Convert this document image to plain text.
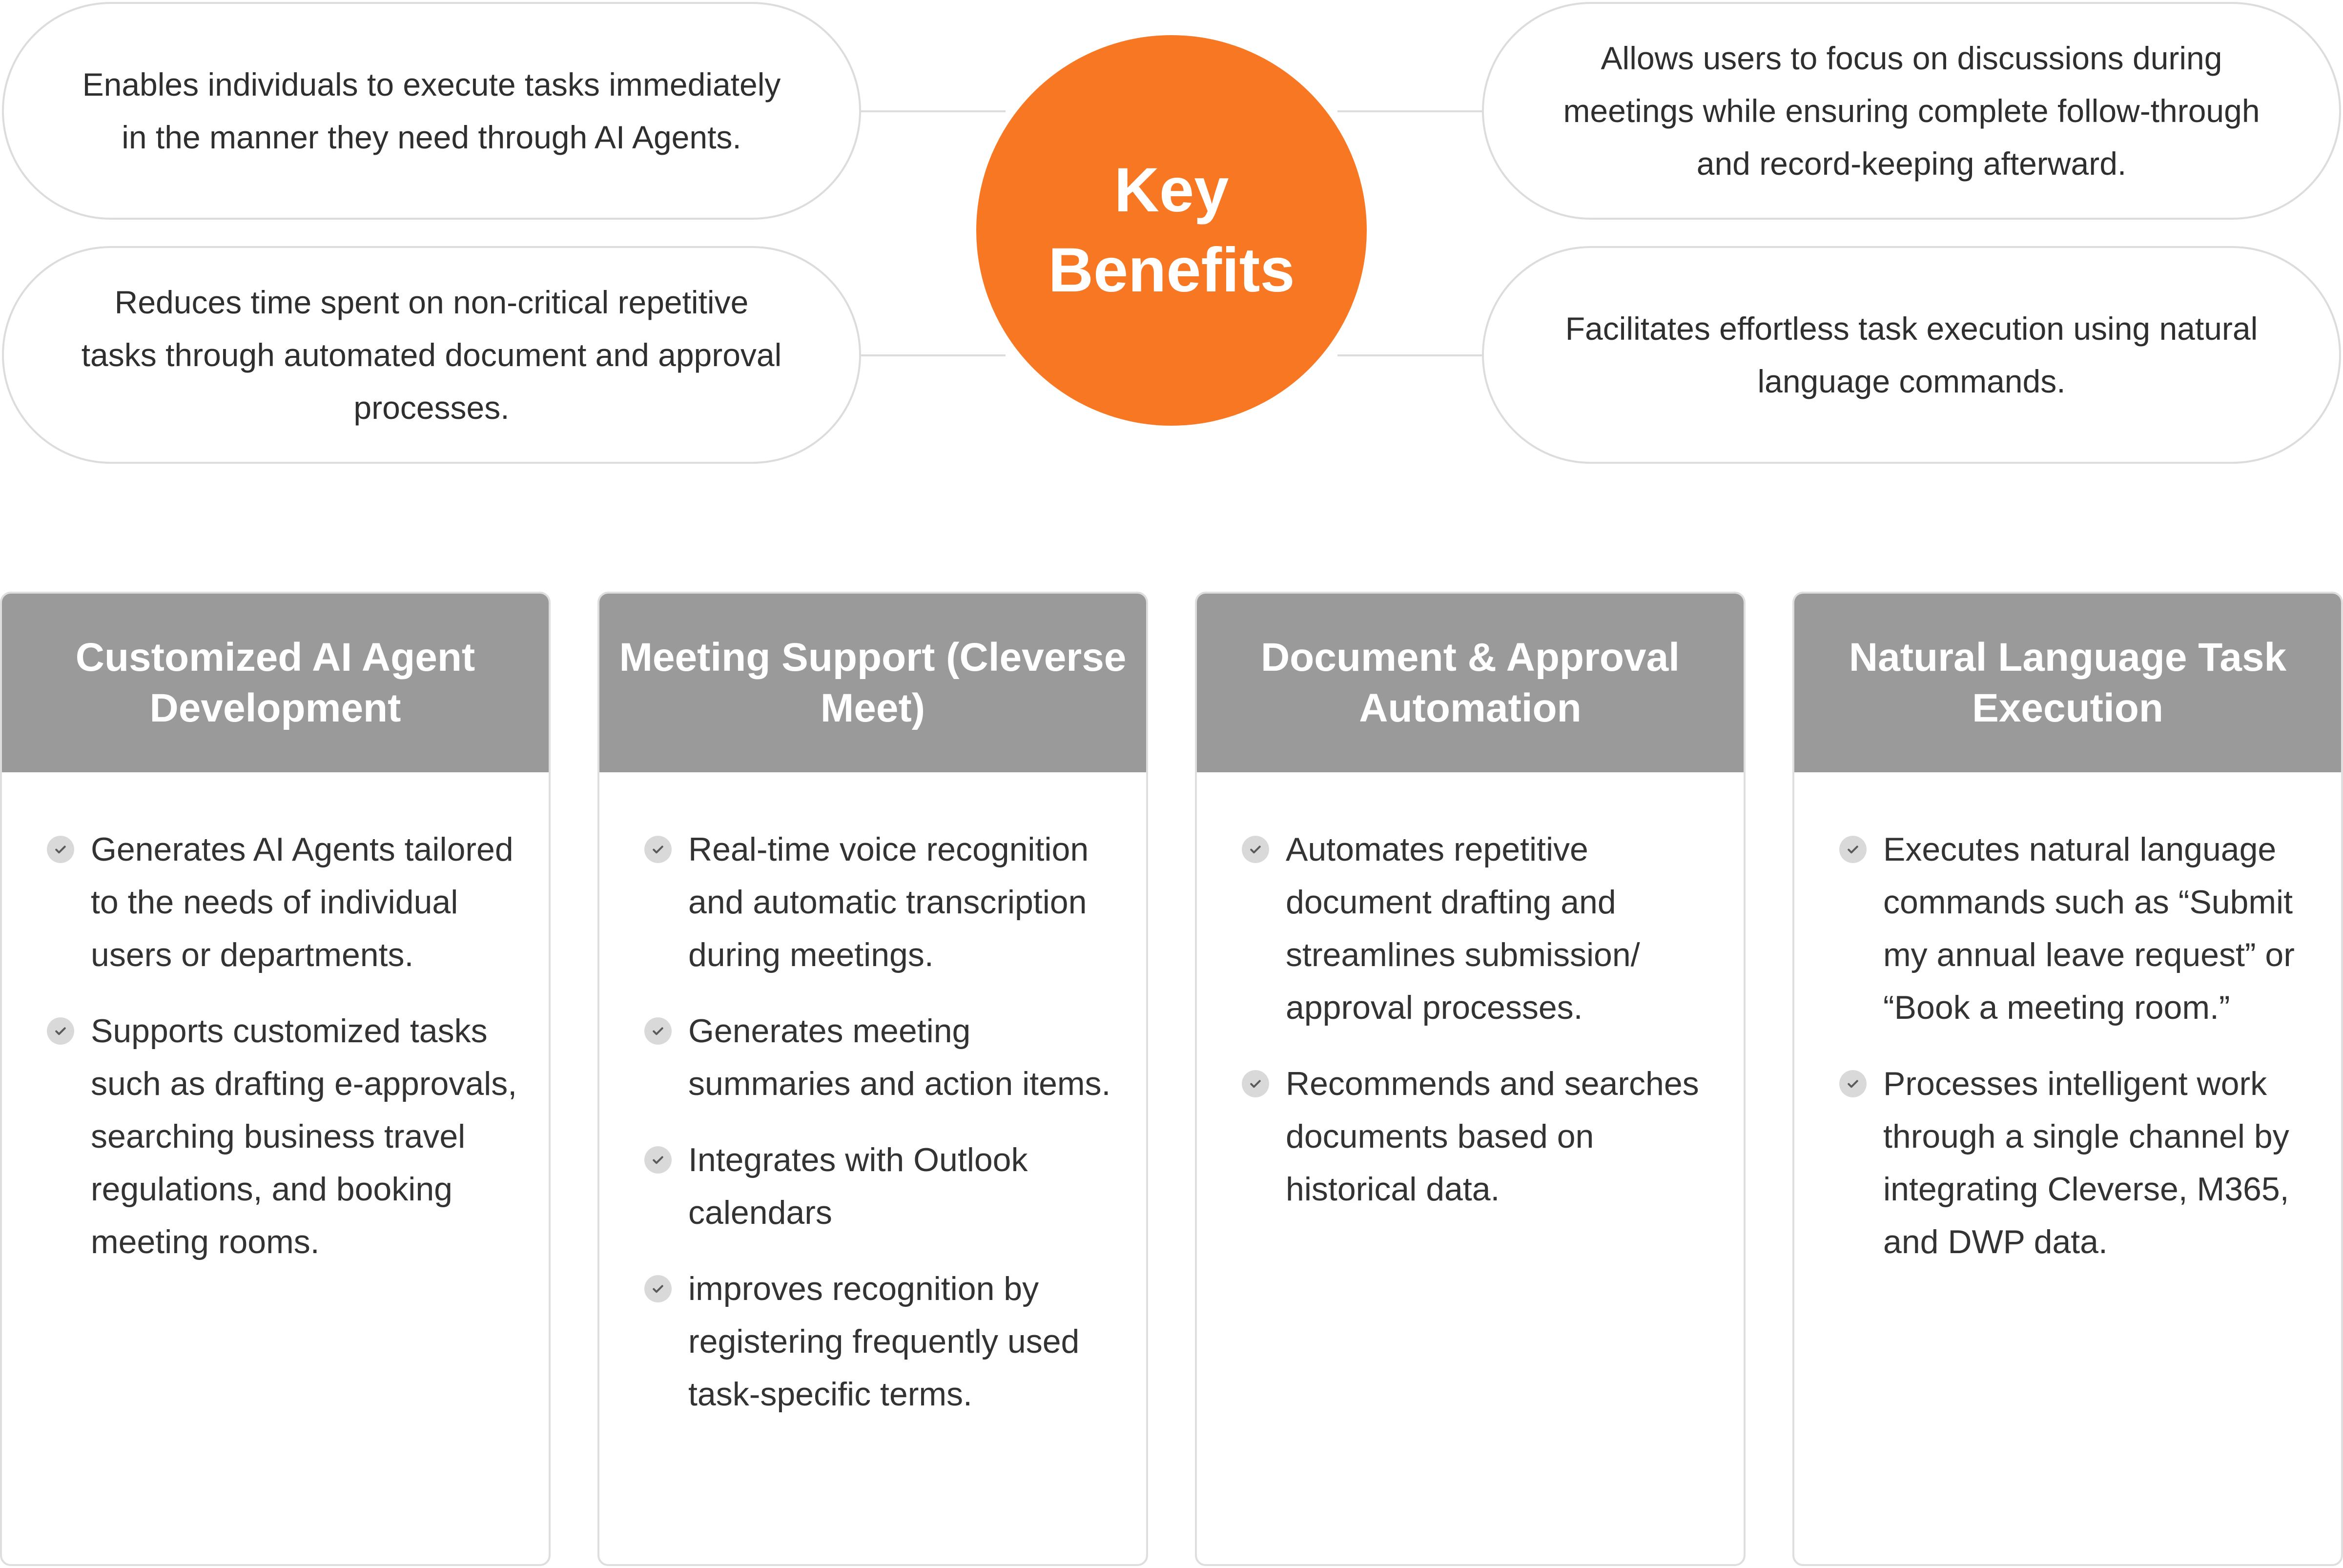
Enables individuals to execute tasks immediately in the manner they need through AI Agents.
Reduces time spent on non-critical repetitive tasks through automated document and approval processes.
Allows users to focus on discussions during meetings while ensuring complete follow-through and record-keeping afterward.
Facilitates effortless task execution using natural language commands.
Key
Benefits
Customized AI Agent Development
Generates AI Agents tailored to the needs of individual users or departments.
Supports customized tasks such as drafting e-approvals, searching business travel regulations, and booking meeting rooms.
Meeting Support (Cleverse Meet)
Real-time voice recognition and automatic transcription during meetings.
Generates meeting summaries and action items.
Integrates with Outlook calendars
improves recognition by registering frequently used task-specific terms.
Document & Approval Automation
Automates repetitive document drafting and streamlines submission/ approval processes.
Recommends and searches documents based on historical data.
Natural Language Task Execution
Executes natural language commands such as “Submit my annual leave request” or “Book a meeting room.”
Processes intelligent work through a single channel by integrating Cleverse, M365, and DWP data.
